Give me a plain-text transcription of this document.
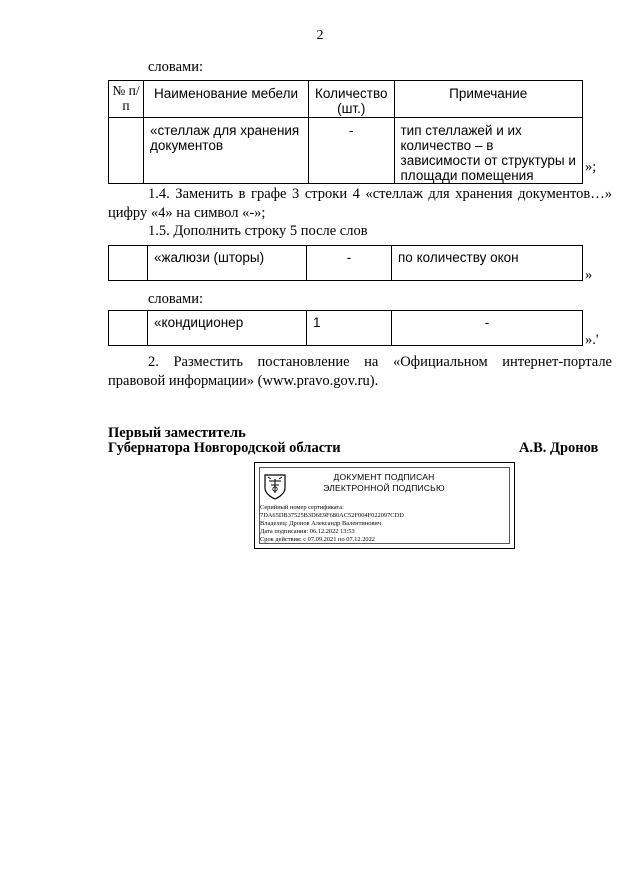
2
словами:
№ п/п	Наименование мебели	Количество (шт.)	Примечание
	«стеллаж для хранения документов	-	тип стеллажей и их количество – в зависимости от структуры и площади помещения
»;
1.4. Заменить в графе 3 строки 4 «стеллаж для хранения документов…» цифру «4» на символ «-»;
1.5. Дополнить строку 5 после слов
	«жалюзи (шторы)	-	по количеству окон
»
словами:
	«кондиционер	1	-
».'
2. Разместить постановление на «Официальном интернет-портале правовой информации» (www.pravo.gov.ru).
Первый заместитель
Губернатора Новгородской области	А.В. Дронов
ДОКУМЕНТ ПОДПИСАН
ЭЛЕКТРОННОЙ ПОДПИСЬЮ
Серийный номер сертификата:
7DA65DB37525B3D6E9F680AC52F004F022097CDD
Владелец: Дронов Александр Валентинович
Дата подписания: 06.12.2022 13:53
Срок действия: с 07.09.2021 по 07.12.2022
